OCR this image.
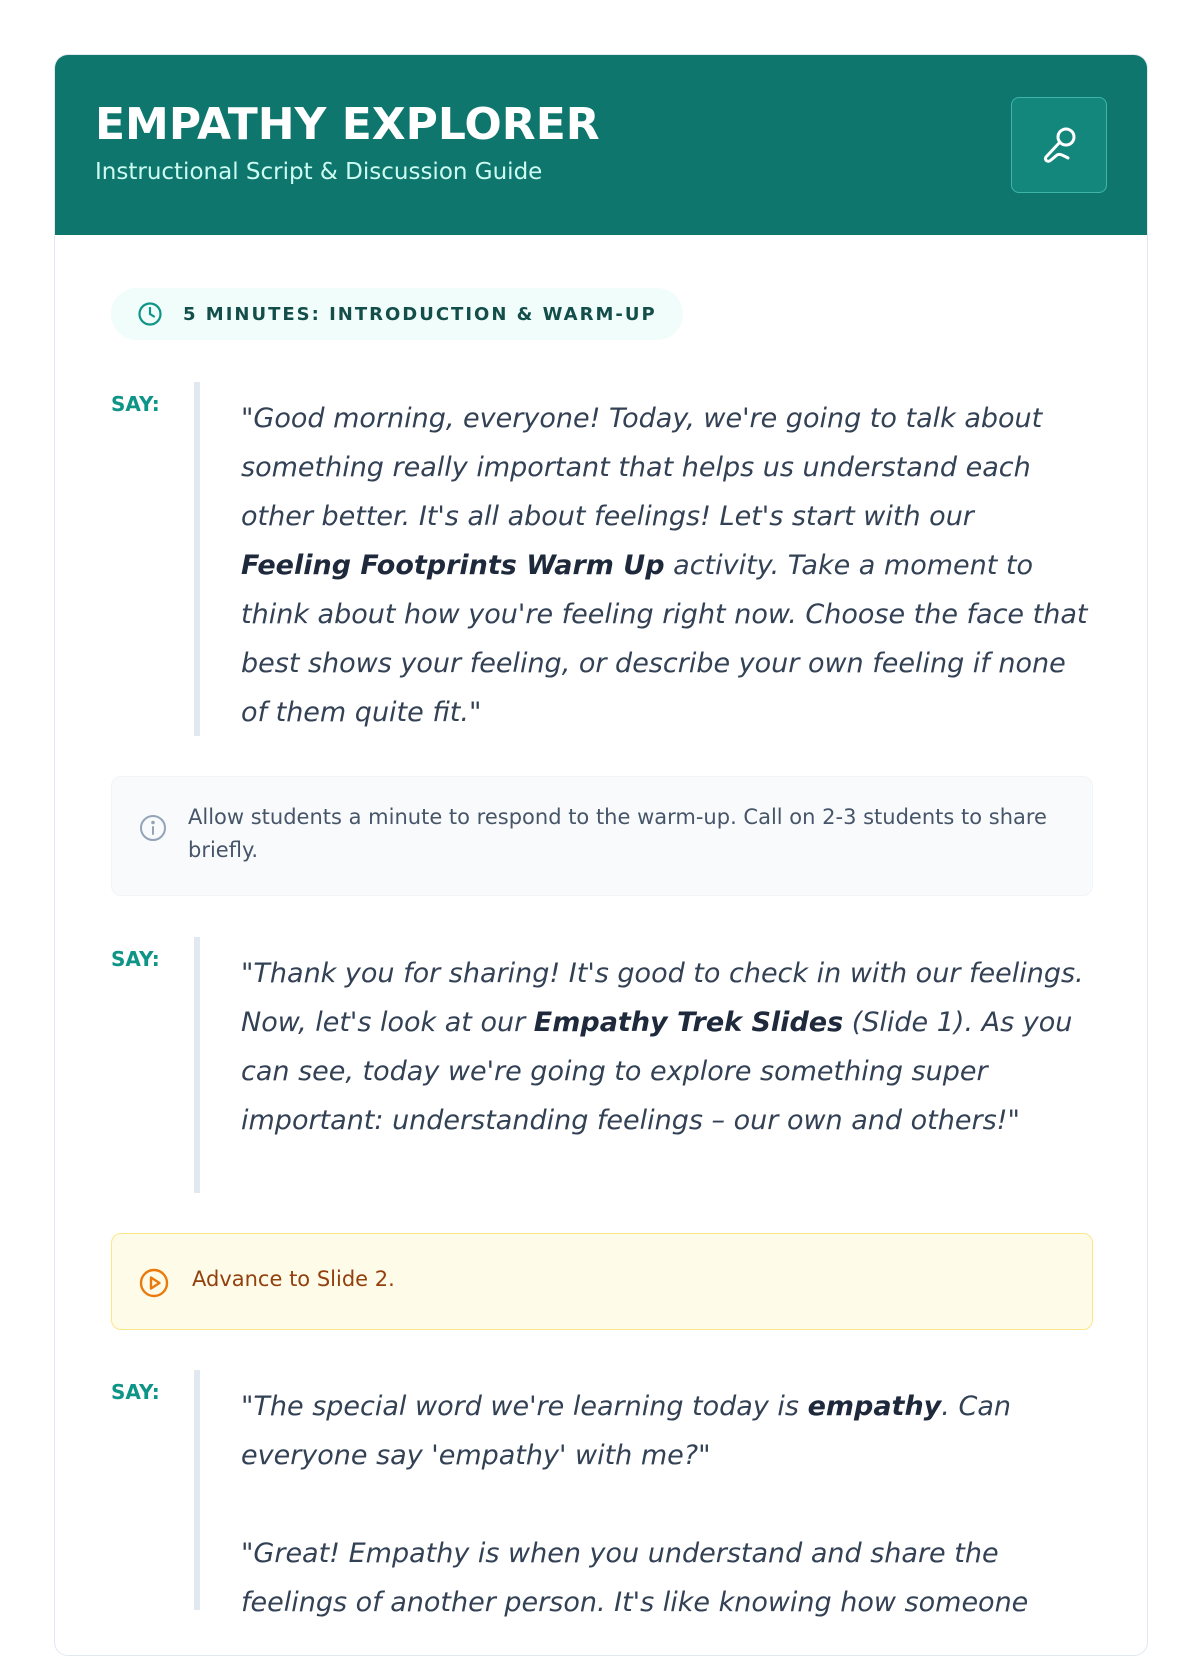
EMPATHY EXPLORER
Instructional Script & Discussion Guide
5 MINUTES: INTRODUCTION & WARM-UP
SAY:	"Good morning, everyone! Today, we're going to talk about something really important that helps us understand each other better. It's all about feelings! Let's start with our Feeling Footprints Warm Up activity. Take a moment to think about how you're feeling right now. Choose the face that best shows your feeling, or describe your own feeling if none of them quite fit."

Allow students a minute to respond to the warm-up. Call on 2-3 students to share briefly.
SAY:	"Thank you for sharing! It's good to check in with our feelings. Now, let's look at our Empathy Trek Slides (Slide 1). As you can see, today we're going to explore something super important: understanding feelings – our own and others!"

Advance to Slide 2.
SAY:	"The special word we're learning today is empathy. Can everyone say 'empathy' with me?"

"Great! Empathy is when you understand and share the feelings of another person. It's like knowing how someone
